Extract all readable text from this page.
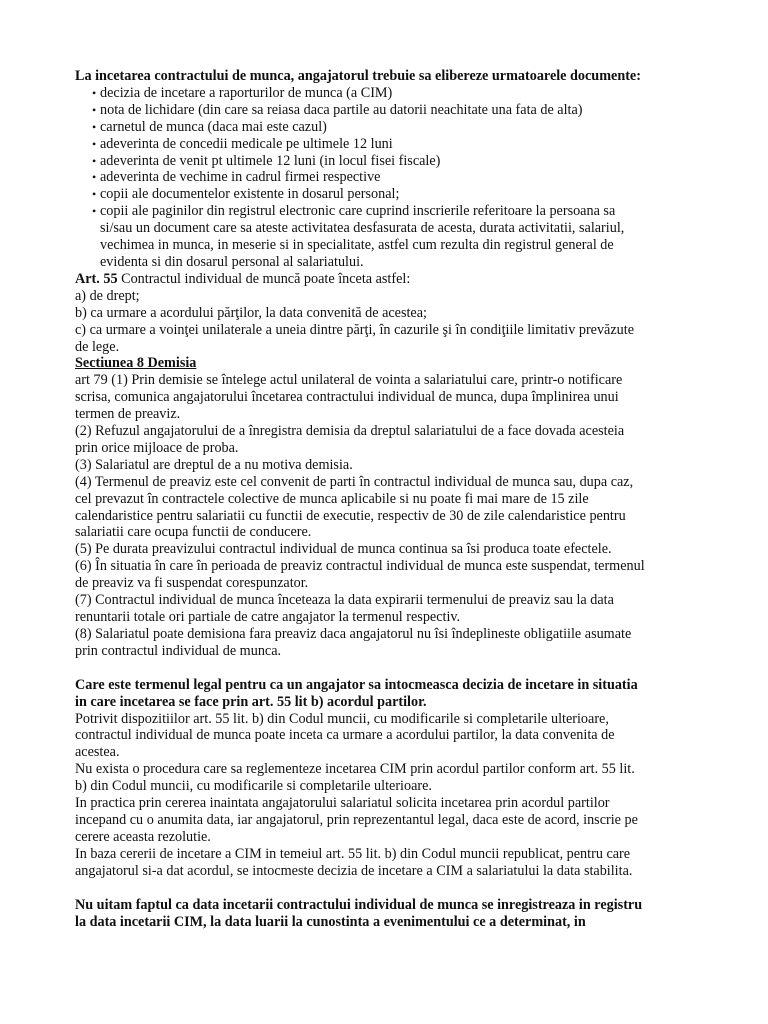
La incetarea contractului de munca, angajatorul trebuie sa elibereze urmatoarele documente:
• decizia de incetare a raporturilor de munca (a CIM)
• nota de lichidare (din care sa reiasa daca partile au datorii neachitate una fata de alta)
• carnetul de munca (daca mai este cazul)
• adeverinta de concedii medicale pe ultimele 12 luni
• adeverinta de venit pt ultimele 12 luni (in locul fisei fiscale)
• adeverinta de vechime in cadrul firmei respective
• copii ale documentelor existente in dosarul personal;
• copii ale paginilor din registrul electronic care cuprind inscrierile referitoare la persoana sa
si/sau un document care sa ateste activitatea desfasurata de acesta, durata activitatii, salariul,
vechimea in munca, in meserie si in specialitate, astfel cum rezulta din registrul general de
evidenta si din dosarul personal al salariatului.
Art. 55 Contractul individual de muncă poate înceta astfel:
a) de drept;
b) ca urmare a acordului părţilor, la data convenită de acestea;
c) ca urmare a voinţei unilaterale a uneia dintre părţi, în cazurile şi în condiţiile limitativ prevăzute
de lege.
Sectiunea 8 Demisia
art 79 (1) Prin demisie se întelege actul unilateral de vointa a salariatului care, printr-o notificare
scrisa, comunica angajatorului încetarea contractului individual de munca, dupa împlinirea unui
termen de preaviz.
(2) Refuzul angajatorului de a înregistra demisia da dreptul salariatului de a face dovada acesteia
prin orice mijloace de proba.
(3) Salariatul are dreptul de a nu motiva demisia.
(4) Termenul de preaviz este cel convenit de parti în contractul individual de munca sau, dupa caz,
cel prevazut în contractele colective de munca aplicabile si nu poate fi mai mare de 15 zile
calendaristice pentru salariatii cu functii de executie, respectiv de 30 de zile calendaristice pentru
salariatii care ocupa functii de conducere.
(5) Pe durata preavizului contractul individual de munca continua sa îsi produca toate efectele.
(6) În situatia în care în perioada de preaviz contractul individual de munca este suspendat, termenul
de preaviz va fi suspendat corespunzator.
(7) Contractul individual de munca înceteaza la data expirarii termenului de preaviz sau la data
renuntarii totale ori partiale de catre angajator la termenul respectiv.
(8) Salariatul poate demisiona fara preaviz daca angajatorul nu îsi îndeplineste obligatiile asumate
prin contractul individual de munca.
Care este termenul legal pentru ca un angajator sa intocmeasca decizia de incetare in situatia
in care incetarea se face prin art. 55 lit b) acordul partilor.
Potrivit dispozitiilor art. 55 lit. b) din Codul muncii, cu modificarile si completarile ulterioare,
contractul individual de munca poate inceta ca urmare a acordului partilor, la data convenita de
acestea.
Nu exista o procedura care sa reglementeze incetarea CIM prin acordul partilor conform art. 55 lit.
b) din Codul muncii, cu modificarile si completarile ulterioare.
In practica prin cererea inaintata angajatorului salariatul solicita incetarea prin acordul partilor
incepand cu o anumita data, iar angajatorul, prin reprezentantul legal, daca este de acord, inscrie pe
cerere aceasta rezolutie.
In baza cererii de incetare a CIM in temeiul art. 55 lit. b) din Codul muncii republicat, pentru care
angajatorul si-a dat acordul, se intocmeste decizia de incetare a CIM a salariatului la data stabilita.
Nu uitam faptul ca data incetarii contractului individual de munca se inregistreaza in registru
la data incetarii CIM, la data luarii la cunostinta a evenimentului ce a determinat, in
